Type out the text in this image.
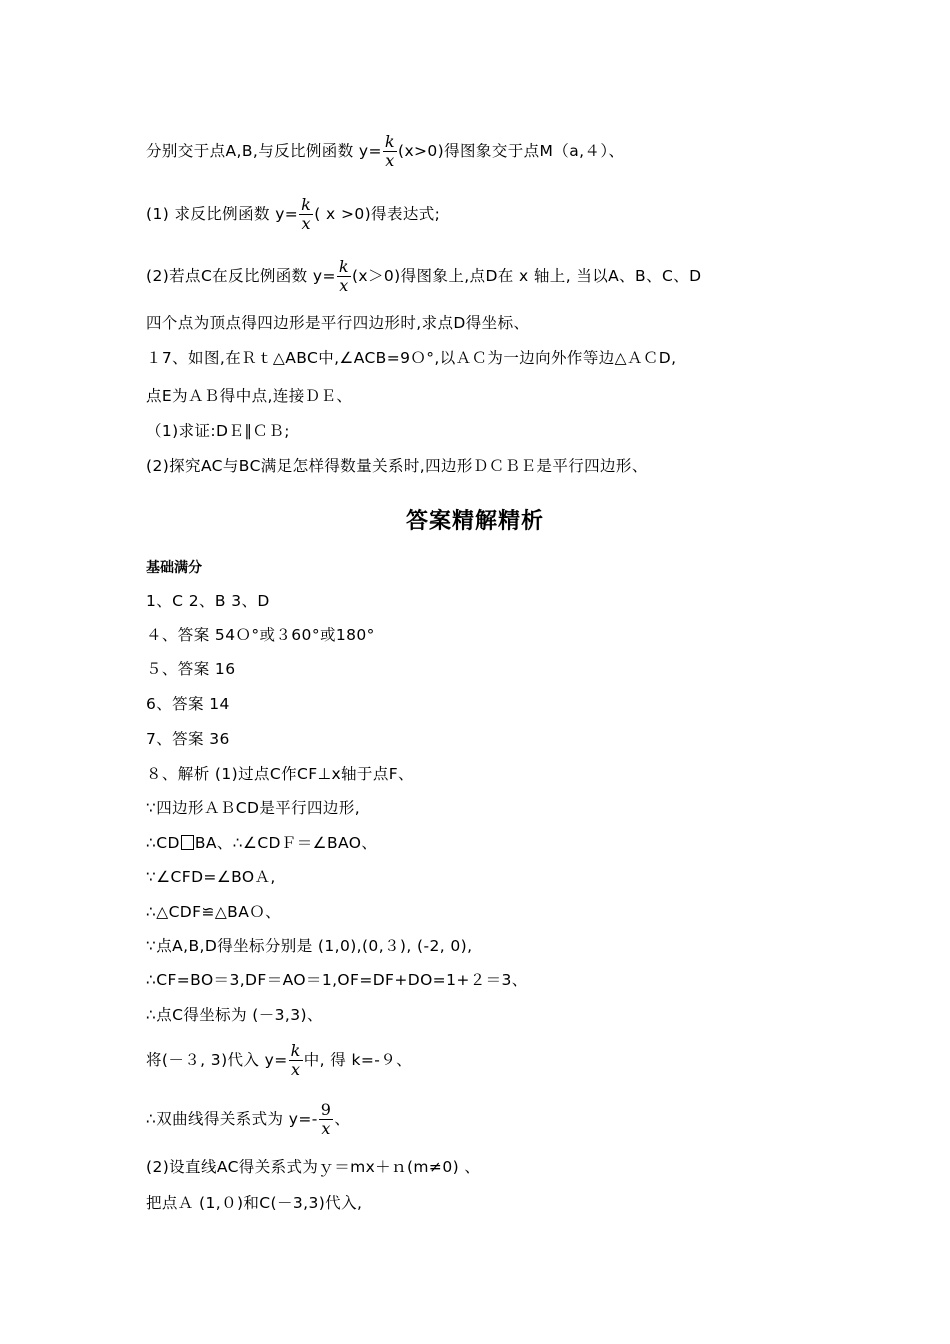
分别交于点A,B,与反比例函数 $y= \frac{k}{x} (x>0)$得图象交于点M（a,４）、
(1) 求反比例函数 $y= \frac{k}{x}$ ( x >0)得表达式;
(2)若点C在反比例函数 $y= \frac{k}{x} (x>0)$得图象上,点D在 x 轴上, 当以A、B、C、D
四个点为顶点得四边形是平行四边形时,求点D得坐标、
１7、如图,在Ｒｔ△ABC中,∠ACB=9Ｏ°,以ＡＣ为一边向外作等边△ＡＣD,
点E为ＡＢ得中点,连接ＤＥ、
（1)求证:DＥ∥ＣＢ;
(2)探究AC与BC满足怎样得数量关系时,四边形ＤＣＢＥ是平行四边形、
答案精解精析
基础满分
1、C 2、B 3、D
４、答案 54Ｏ°或３60°或180°
５、答案 16
6、答案 14
7、答案 36
８、解析 (1)过点C作CF⊥x轴于点F、
∵四边形ＡＢCD是平行四边形,
∴CD BA、∴∠CDＦ＝∠BAO、
∵∠CFD=∠BOＡ,
∴△CDF≌△BAＯ、
∵点A,B,D得坐标分别是 (1,0),(0,３), (-2, 0),
∴CF=BO＝3,DF＝AO＝1,OF=DF+DO=1+２＝3、
∴点C得坐标为 (－3,3)、
将(－３, 3)代入 $y= \frac{k}{x}$ 中, 得 k=-９、
∴双曲线得关系式为 $y=- \frac{9}{x}$ 、
(2)设直线AC得关系式为ｙ＝mx＋ｎ(m≠0) 、
把点Ａ (1,０)和C(－3,3)代入,
